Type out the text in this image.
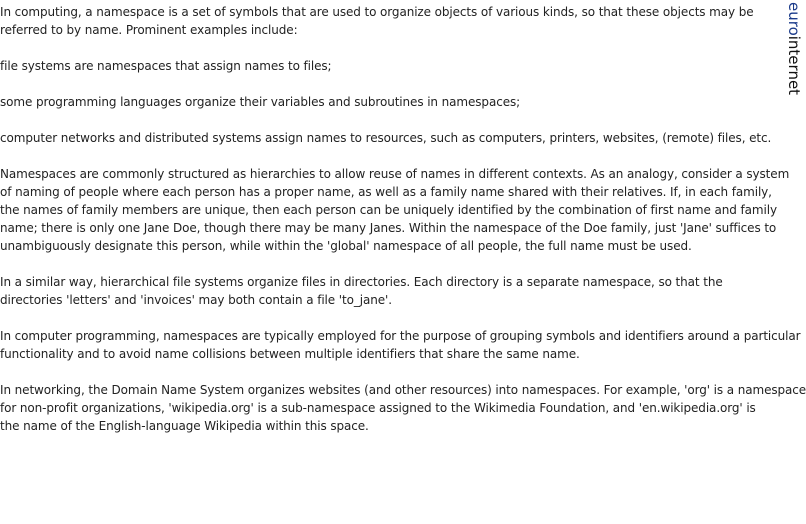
In computing, a namespace is a set of symbols that are used to organize objects of various kinds, so that these objects may be
referred to by name. Prominent examples include:

file systems are namespaces that assign names to files;

some programming languages organize their variables and subroutines in namespaces;

computer networks and distributed systems assign names to resources, such as computers, printers, websites, (remote) files, etc.

Namespaces are commonly structured as hierarchies to allow reuse of names in different contexts. As an analogy, consider a system
of naming of people where each person has a proper name, as well as a family name shared with their relatives. If, in each family,
the names of family members are unique, then each person can be uniquely identified by the combination of first name and family
name; there is only one Jane Doe, though there may be many Janes. Within the namespace of the Doe family, just 'Jane' suffices to
unambiguously designate this person, while within the 'global' namespace of all people, the full name must be used.

In a similar way, hierarchical file systems organize files in directories. Each directory is a separate namespace, so that the
directories 'letters' and 'invoices' may both contain a file 'to_jane'.

In computer programming, namespaces are typically employed for the purpose of grouping symbols and identifiers around a particular
functionality and to avoid name collisions between multiple identifiers that share the same name.

In networking, the Domain Name System organizes websites (and other resources) into namespaces. For example, 'org' is a namespace
for non-profit organizations, 'wikipedia.org' is a sub-namespace assigned to the Wikimedia Foundation, and 'en.wikipedia.org' is
the name of the English-language Wikipedia within this space.

eurointernet
